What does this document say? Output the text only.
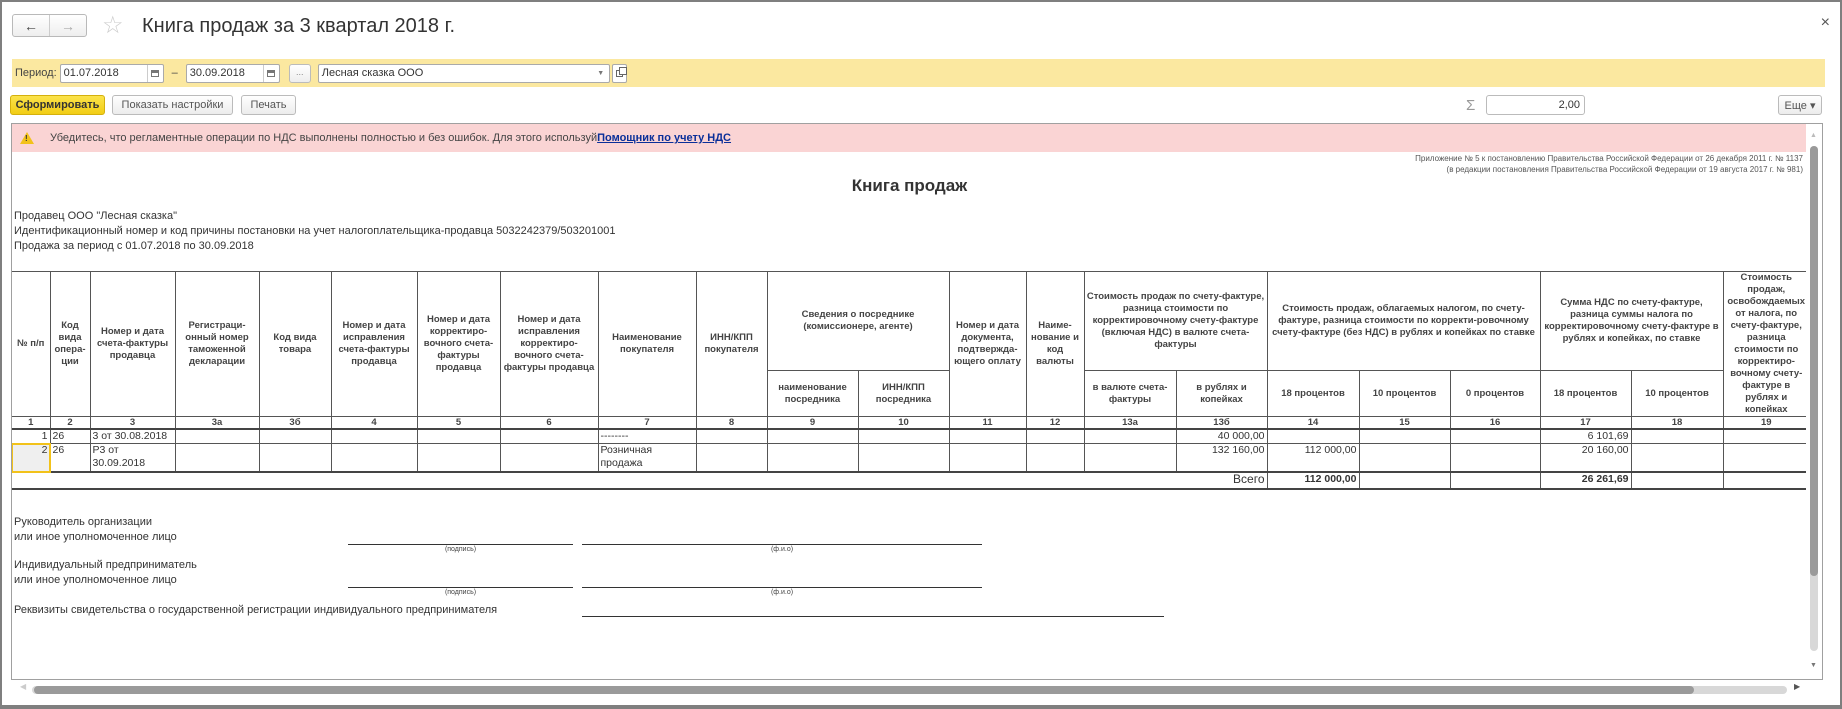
← → ☆ Книга продаж за 3 квартал 2018 г.	×
Период: 01.07.2018	–	30.09.2018	...	Лесная сказка ООО	▼
Сформировать	Показать настройки	Печать	Σ	2,00	Еще ▾
! Убедитесь, что регламентные операции по НДС выполнены полностью и без ошибок. Для этого используй Помощник по учету НДС
Приложение № 5 к постановлению Правительства Российской Федерации от 26 декабря 2011 г. № 1137
(в редакции постановления Правительства Российской Федерации от 19 августа 2017 г. № 981)
Книга продаж
Продавец ООО "Лесная сказка"
Идентификационный номер и код причины постановки на учет налогоплательщика-продавца 5032242379/503201001
Продажа за период с 01.07.2018 по 30.09.2018
№ п/п	Код вида опера-ции	Номер и дата счета-фактуры продавца	Регистраци-онный номер таможенной декларации	Код вида товара	Номер и дата исправления счета-фактуры продавца	Номер и дата корректиро-вочного счета-фактуры продавца	Номер и дата исправления корректиро-вочного счета-фактуры продавца	Наименование покупателя	ИНН/КПП покупателя	Сведения о посреднике (комиссионере, агенте)		Номер и дата документа, подтвержда-ющего оплату	Наиме-нование и код валюты	Стоимость продаж по счету-фактуре, разница стоимости по корректировочному счету-фактуре (включая НДС) в валюте счета-фактуры		Стоимость продаж, облагаемых налогом, по счету-фактуре, разница стоимости по корректи-ровочному счету-фактуре (без НДС) в рублях и копейках по ставке			Сумма НДС по счету-фактуре, разница суммы налога по корректировочному счету-фактуре в рублях и копейках, по ставке		Стоимость продаж, освобождаемых от налога, по счету-фактуре, разница стоимости по корректиро-вочному счету-фактуре в рублях и копейках
										наименование посредника	ИНН/КПП посредника			в валюте счета-фактуры	в рублях и копейках	18 процентов	10 процентов	0 процентов	18 процентов	10 процентов	
1	2	3	3а	3б	4	5	6	7	8	9	10	11	12	13а	13б	14	15	16	17	18	19
1	26	3 от 30.08.2018						--------							40 000,00				6 101,69		
2	26	Р3 от 30.09.2018						Розничная продажа							132 160,00	112 000,00			20 160,00		
															Всего	112 000,00			26 261,69		
Руководитель организации
или иное уполномоченное лицо
(подпись)	(ф.и.о)
Индивидуальный предприниматель
или иное уполномоченное лицо
(подпись)	(ф.и.о)
Реквизиты свидетельства о государственной регистрации индивидуального предпринимателя
▲
▼
◀	▶
